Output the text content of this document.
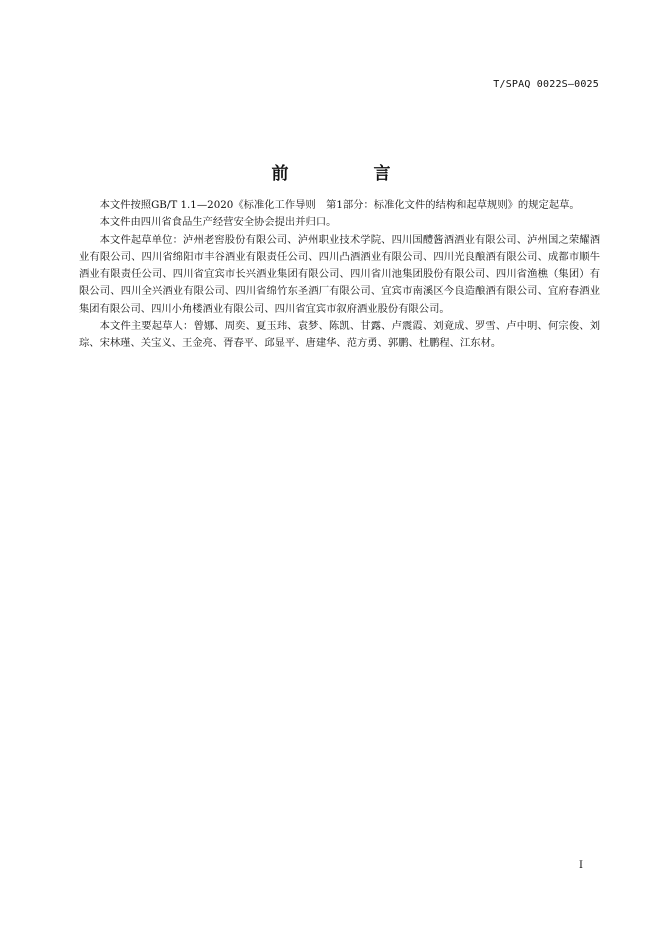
T/SPAQ 0022S—0025
前　言

本文件按照GB/T 1.1—2020《标准化工作导则　第1部分：标准化文件的结构和起草规则》的规定起草。

本文件由四川省食品生产经营安全协会提出并归口。

本文件起草单位：泸州老窖股份有限公司、泸州职业技术学院、四川国醴酱酒酒业有限公司、泸州国之荣耀酒业有限公司、四川省绵阳市丰谷酒业有限责任公司、四川凸酒酒业有限公司、四川光良酿酒有限公司、成都市顺牛酒业有限责任公司、四川省宜宾市长兴酒业集团有限公司、四川省川池集团股份有限公司、四川省渔樵（集团）有限公司、四川全兴酒业有限公司、四川省绵竹东圣酒厂有限公司、宜宾市南溪区今良造酿酒有限公司、宜府春酒业集团有限公司、四川小角楼酒业有限公司、四川省宜宾市叙府酒业股份有限公司。

本文件主要起草人：曾娜、周奕、夏玉玮、袁梦、陈凯、甘露、卢震霞、刘竟成、罗雪、卢中明、何宗俊、刘琮、宋林瑾、关宝义、王金亮、胥春平、邱显平、唐建华、范方勇、郭鹏、杜鹏程、江东材。

I
